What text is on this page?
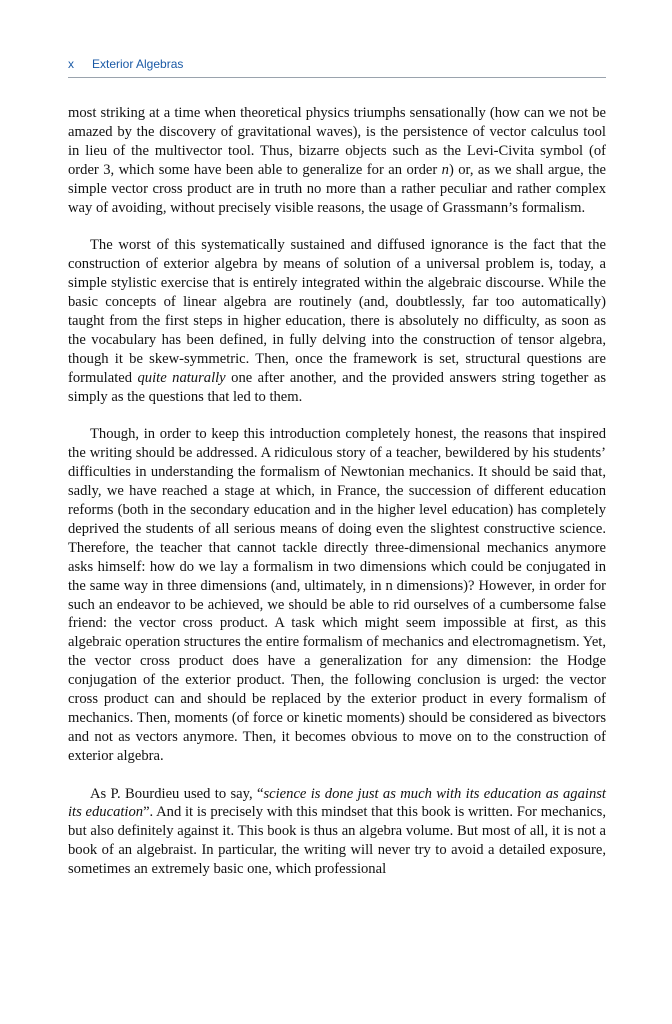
x Exterior Algebras

most striking at a time when theoretical physics triumphs sensationally (how can we not be amazed by the discovery of gravitational waves), is the persistence of vector calculus tool in lieu of the multivector tool. Thus, bizarre objects such as the Levi-Civita symbol (of order 3, which some have been able to generalize for an order n) or, as we shall argue, the simple vector cross product are in truth no more than a rather peculiar and rather complex way of avoiding, without precisely visible reasons, the usage of Grassmann’s formalism.

The worst of this systematically sustained and diffused ignorance is the fact that the construction of exterior algebra by means of solution of a universal problem is, today, a simple stylistic exercise that is entirely integrated within the algebraic discourse. While the basic concepts of linear algebra are routinely (and, doubtlessly, far too automatically) taught from the first steps in higher education, there is absolutely no difficulty, as soon as the vocabulary has been defined, in fully delving into the construction of tensor algebra, though it be skew-symmetric. Then, once the framework is set, structural questions are formulated quite naturally one after another, and the provided answers string together as simply as the questions that led to them.

Though, in order to keep this introduction completely honest, the reasons that inspired the writing should be addressed. A ridiculous story of a teacher, bewildered by his students’ difficulties in understanding the formalism of Newtonian mechanics. It should be said that, sadly, we have reached a stage at which, in France, the succession of different education reforms (both in the secondary education and in the higher level education) has completely deprived the students of all serious means of doing even the slightest constructive science. Therefore, the teacher that cannot tackle directly three-dimensional mechanics anymore asks himself: how do we lay a formalism in two dimensions which could be conjugated in the same way in three dimensions (and, ultimately, in n dimensions)? However, in order for such an endeavor to be achieved, we should be able to rid ourselves of a cumbersome false friend: the vector cross product. A task which might seem impossible at first, as this algebraic operation structures the entire formalism of mechanics and electromagnetism. Yet, the vector cross product does have a generalization for any dimension: the Hodge conjugation of the exterior product. Then, the following conclusion is urged: the vector cross product can and should be replaced by the exterior product in every formalism of mechanics. Then, moments (of force or kinetic moments) should be considered as bivectors and not as vectors anymore. Then, it becomes obvious to move on to the construction of exterior algebra.

As P. Bourdieu used to say, “science is done just as much with its education as against its education”. And it is precisely with this mindset that this book is written. For mechanics, but also definitely against it. This book is thus an algebra volume. But most of all, it is not a book of an algebraist. In particular, the writing will never try to avoid a detailed exposure, sometimes an extremely basic one, which professional
